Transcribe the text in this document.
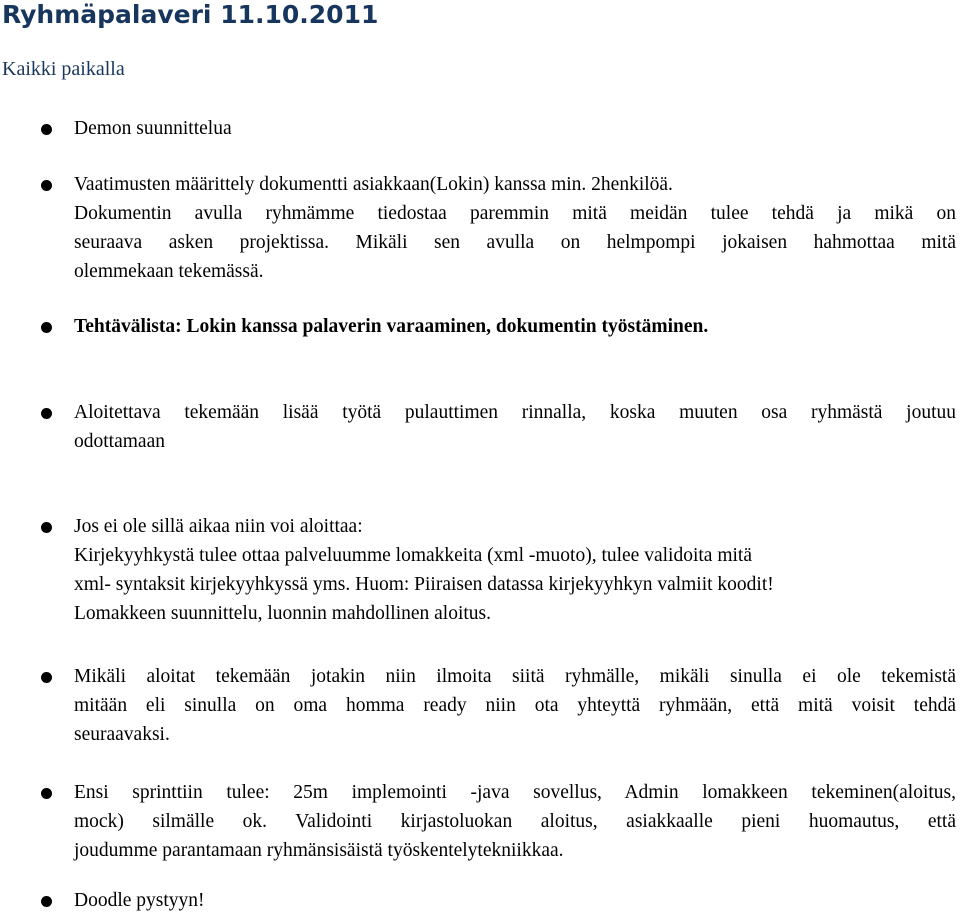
Ryhmäpalaveri 11.10.2011
Kaikki paikalla
Demon suunnittelua
Vaatimusten määrittely dokumentti asiakkaan(Lokin) kanssa min. 2henkilöä.
Dokumentin avulla ryhmämme tiedostaa paremmin mitä meidän tulee tehdä ja mikä on
seuraava asken projektissa. Mikäli sen avulla on helmpompi jokaisen hahmottaa mitä
olemmekaan tekemässä.
Tehtävälista: Lokin kanssa palaverin varaaminen, dokumentin työstäminen.
Aloitettava tekemään lisää työtä pulauttimen rinnalla, koska muuten osa ryhmästä joutuu
odottamaan
Jos ei ole sillä aikaa niin voi aloittaa:
Kirjekyyhkystä tulee ottaa palveluumme lomakkeita (xml -muoto), tulee validoita mitä
xml- syntaksit kirjekyyhkyssä yms. Huom: Piiraisen datassa kirjekyyhkyn valmiit koodit!
Lomakkeen suunnittelu, luonnin mahdollinen aloitus.
Mikäli aloitat tekemään jotakin niin ilmoita siitä ryhmälle, mikäli sinulla ei ole tekemistä
mitään eli sinulla on oma homma ready niin ota yhteyttä ryhmään, että mitä voisit tehdä
seuraavaksi.
Ensi sprinttiin tulee: 25m implemointi -java sovellus, Admin lomakkeen tekeminen(aloitus,
mock) silmälle ok. Validointi kirjastoluokan aloitus, asiakkaalle pieni huomautus, että
joudumme parantamaan ryhmänsisäistä työskentelytekniikkaa.
Doodle pystyyn!
